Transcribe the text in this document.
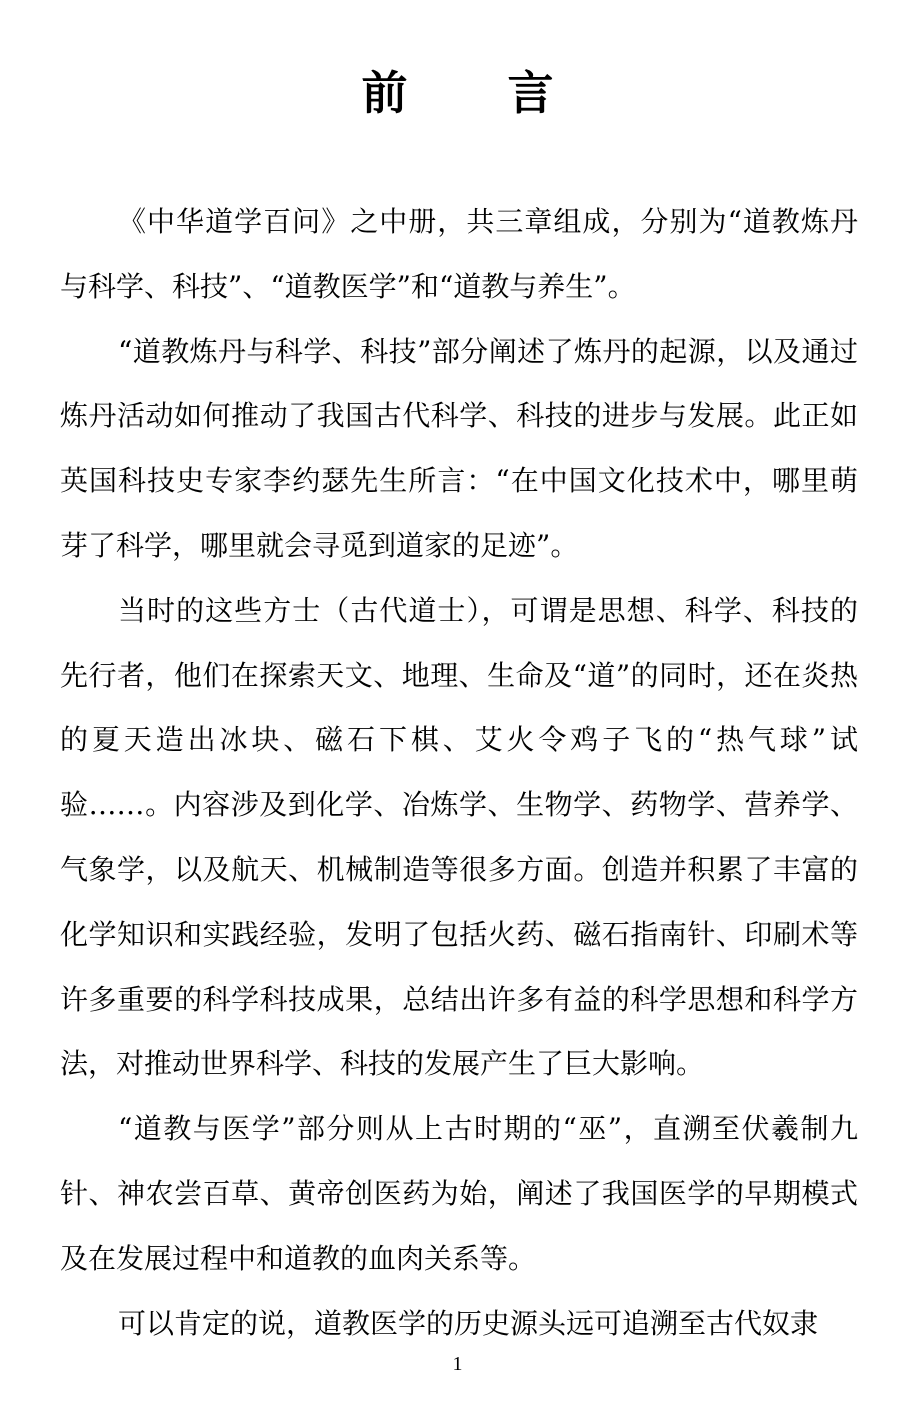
前言

《中华道学百问》之中册，共三章组成，分别为“道教炼丹与科学、科技”、“道教医学”和“道教与养生”。

“道教炼丹与科学、科技”部分阐述了炼丹的起源，以及通过炼丹活动如何推动了我国古代科学、科技的进步与发展。此正如英国科技史专家李约瑟先生所言：“在中国文化技术中，哪里萌芽了科学，哪里就会寻觅到道家的足迹”。

当时的这些方士（古代道士），可谓是思想、科学、科技的先行者，他们在探索天文、地理、生命及“道”的同时，还在炎热的夏天造出冰块、磁石下棋、艾火令鸡子飞的“热气球”试验……。内容涉及到化学、冶炼学、生物学、药物学、营养学、气象学，以及航天、机械制造等很多方面。创造并积累了丰富的化学知识和实践经验，发明了包括火药、磁石指南针、印刷术等许多重要的科学科技成果，总结出许多有益的科学思想和科学方法，对推动世界科学、科技的发展产生了巨大影响。

“道教与医学”部分则从上古时期的“巫”，直溯至伏羲制九针、神农尝百草、黄帝创医药为始，阐述了我国医学的早期模式及在发展过程中和道教的血肉关系等。

可以肯定的说，道教医学的历史源头远可追溯至古代奴隶

1
